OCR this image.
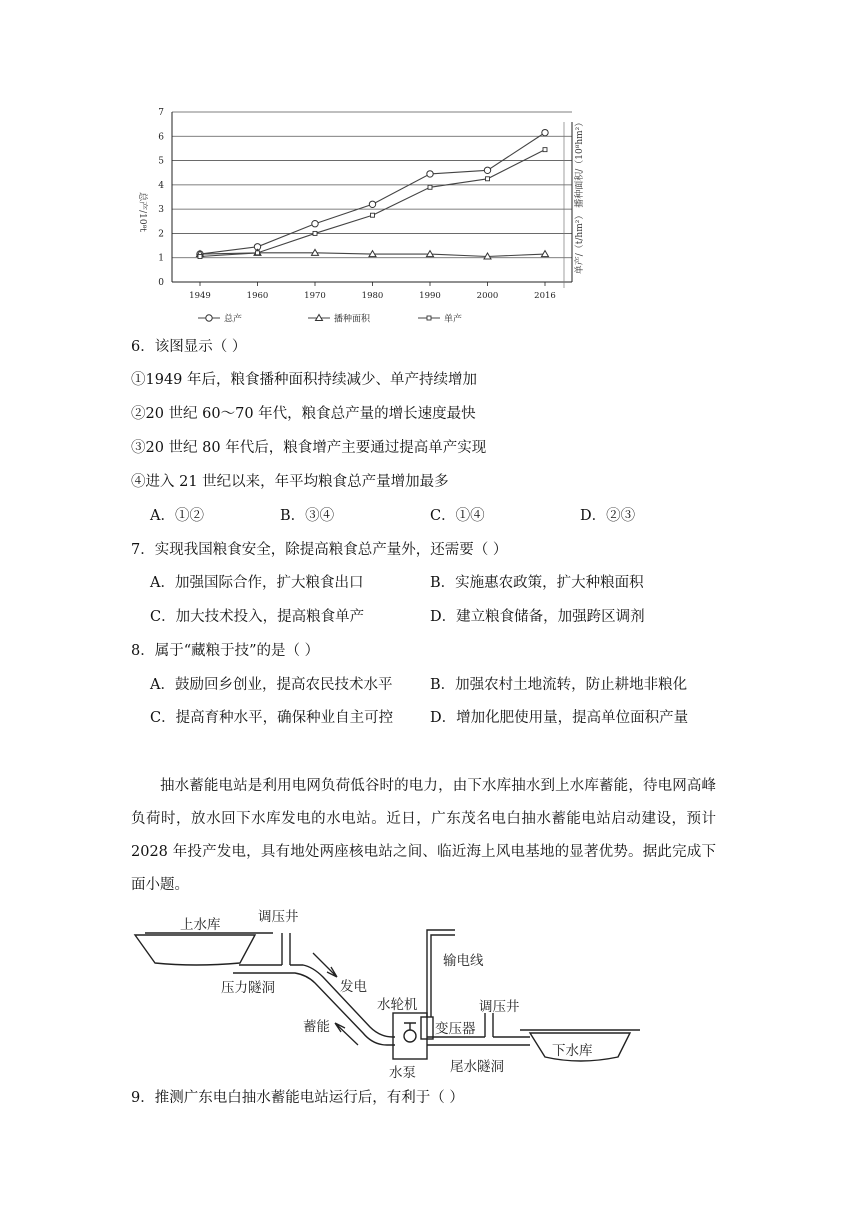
0
1
2
3
4
5
6
7
1949	1960	1970	1980	1990	2000	2016
总产/10⁸t	单产/（t/hm²） 播种面积/（10⁸hm²）
总产	播种面积	单产
6．该图显示（ ）
①1949 年后，粮食播种面积持续减少、单产持续增加
②20 世纪 60～70 年代，粮食总产量的增长速度最快
③20 世纪 80 年代后，粮食增产主要通过提高单产实现
④进入 21 世纪以来，年平均粮食总产量增加最多
A．①②	B．③④	C．①④	D．②③
7．实现我国粮食安全，除提高粮食总产量外，还需要（ ）
A．加强国际合作，扩大粮食出口	B．实施惠农政策，扩大种粮面积
C．加大技术投入，提高粮食单产	D．建立粮食储备，加强跨区调剂
8．属于“藏粮于技”的是（ ）
A．鼓励回乡创业，提高农民技术水平	B．加强农村土地流转，防止耕地非粮化
C．提高育种水平，确保种业自主可控	D．增加化肥使用量，提高单位面积产量
抽水蓄能电站是利用电网负荷低谷时的电力，由下水库抽水到上水库蓄能，待电网高峰负荷时，放水回下水库发电的水电站。近日，广东茂名电白抽水蓄能电站启动建设，预计2028 年投产发电，具有地处两座核电站之间、临近海上风电基地的显著优势。据此完成下面小题。
上水库	调压井
压力隧洞	发电
蓄能
水轮机
水泵
输电线
变压器
调压井
下水库
尾水隧洞
9．推测广东电白抽水蓄能电站运行后，有利于（ ）
